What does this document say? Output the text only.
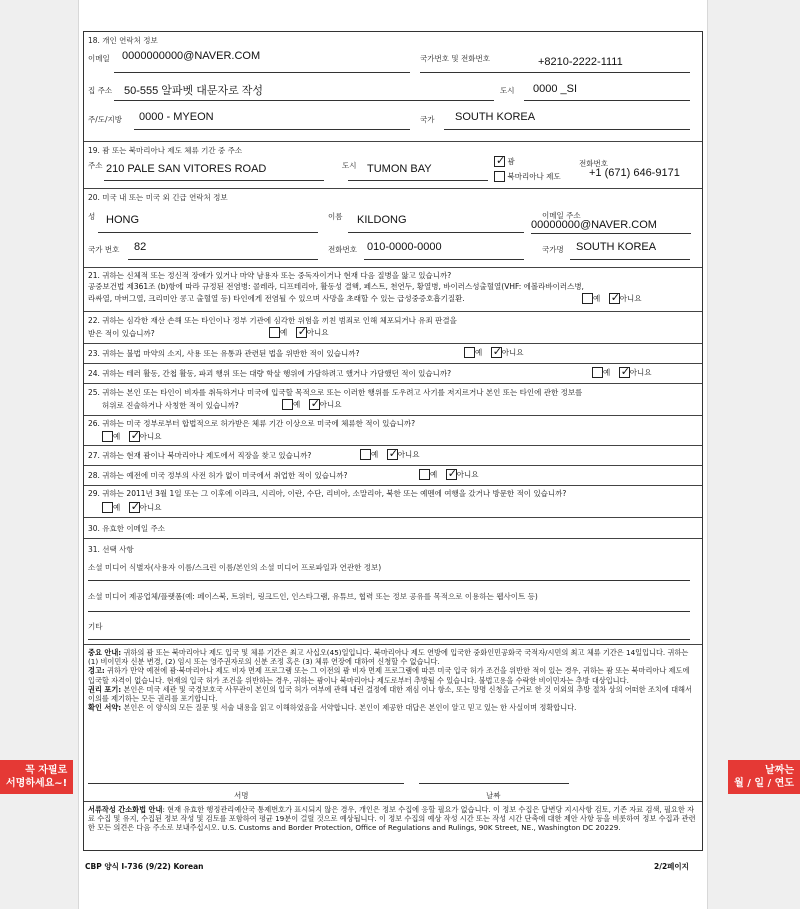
18. 개인 연락처 정보
이메일 0000000000@NAVER.COM	국가번호 및 전화번호	+8210-2222-1111
집 주소 50-555 알파벳 대문자로 작성	도시 0000 _SI
주/도/지방 0000 - MYEON	국가 SOUTH KOREA
19. 괌 또는 북마리아나 제도 체류 기간 중 주소
주소 210 PALE SAN VITORES ROAD	도시 TUMON BAY
✓ 괌
북마리아나 제도
전화번호
+1 (671) 646-9171
20. 미국 내 또는 미국 외 긴급 연락처 정보
성 HONG	이름 KILDONG	이메일 주소
00000000@NAVER.COM
국가 번호 82	전화번호 010-0000-0000	국가명 SOUTH KOREA
21. 귀하는 신체적 또는 정신적 장애가 있거나 마약 남용자 또는 중독자이거나 현재 다음 질병을 앓고 있습니까?
공중보건법 제361조 (b)항에 따라 규정된 전염병: 콜레라, 디프테리아, 활동성 결핵, 페스트, 천연두, 황열병, 바이러스성출혈열(VHF: 에볼라바이러스병,
라싸열, 마버그열, 크리미안 콩고 출혈열 등) 타인에게 전염될 수 있으며 사망을 초래할 수 있는 급성중증호흡기질환.	예 ✓	아니요
22. 귀하는 심각한 재산 손해 또는 타인이나 정부 기관에 심각한 위험을 끼친 범죄로 인해 체포되거나 유죄 판결을
받은 적이 있습니까?	예 ✓	아니요
23. 귀하는 불법 마약의 소지, 사용 또는 유통과 관련된 법을 위반한 적이 있습니까?	예 ✓	아니요
24. 귀하는 테러 활동, 간첩 활동, 파괴 행위 또는 대량 학살 행위에 가담하려고 했거나 가담했던 적이 있습니까?	예 ✓	아니요
25. 귀하는 본인 또는 타인이 비자를 취득하거나 미국에 입국할 목적으로 또는 이러한 행위를 도우려고 사기를 저지르거나 본인 또는 타인에 관한 정보를
허위로 진술하거나 사칭한 적이 있습니까?	예 ✓	아니요
26. 귀하는 미국 정부로부터 합법적으로 허가받은 체류 기간 이상으로 미국에 체류한 적이 있습니까?
예 ✓	아니요
27. 귀하는 현재 괌이나 북마리아나 제도에서 직장을 찾고 있습니까?	예 ✓	아니요
28. 귀하는 예전에 미국 정부의 사전 허가 없이 미국에서 취업한 적이 있습니까?	예 ✓	아니요
29. 귀하는 2011년 3월 1일 또는 그 이후에 이라크, 시리아, 이란, 수단, 리비아, 소말리아, 북한 또는 예멘에 여행을 갔거나 방문한 적이 있습니까?
예 ✓	아니요
30. 유효한 이메일 주소
31. 선택 사항
소셜 미디어 식별자(사용자 이름/스크린 이름/본인의 소셜 미디어 프로파일과 연관한 정보)
소셜 미디어 제공업체/플랫폼(예: 페이스북, 트위터, 링크드인, 인스타그램, 유튜브, 협력 또는 정보 공유를 목적으로 이용하는 웹사이트 등)
기타

중요 안내: 귀하의 괌 또는 북마리아나 제도 입국 및 체류 기간은 최고 사십오(45)일입니다. 북마리아나 제도 연방에 입국한 중화인민공화국 국적자/시민의 최고 체류 기간은 14일입니다. 귀하는 (1) 비이민자 신분 변경, (2) 임시 또는 영주권자로의 신분 조정 혹은 (3) 체류 연장에 대하여 신청할 수 없습니다.

경고: 귀하가 만약 예전에 괌·북마리아나 제도 비자 면제 프로그램 또는 그 이전의 괌 비자 면제 프로그램에 따른 미국 입국 허가 조건을 위반한 적이 있는 경우, 귀하는 괌 또는 북마리아나 제도에 입국할 자격이 없습니다. 현재의 입국 허가 조건을 위반하는 경우, 귀하는 괌이나 북마리아나 제도로부터 추방될 수 있습니다. 불법고용을 수락한 비이민자는 추방 대상입니다.

권리 포기: 본인은 미국 세관 및 국경보호국 사무관이 본인의 입국 허가 여부에 관해 내린 결정에 대한 재심 이나 항소, 또는 망명 신청을 근거로 한 것 이외의 추방 절차 상의 어떠한 조치에 대해서 이의를 제기하는 모든 권리를 포기합니다.

확인 서약: 본인은 이 양식의 모든 질문 및 서술 내용을 읽고 이해하였음을 서약합니다. 본인이 제공한 대답은 본인이 알고 믿고 있는 한 사실이며 정확합니다.

서명	날짜
서류작성 간소화법 안내: 현재 유효한 행정관리예산국 통제번호가 표시되지 않은 경우, 개인은 정보 수집에 응할 필요가 없습니다. 이 정보 수집은 답변당 지시사항 검토, 기존 자료 검색, 필요한 자료 수집 및 유지, 수집된 정보 작성 및 검토를 포함하여 평균 19분이 걸릴 것으로 예상됩니다. 이 정보 수집의 예상 작성 시간 또는 작성 시간 단축에 대한 제안 사항 등을 비롯하여 정보 수집과 관련한 모든 의견은 다음 주소로 보내주십시오. U.S. Customs and Border Protection, Office of Regulations and Rulings, 90K Street, NE., Washington DC 20229.
CBP 양식 I-736 (9/22) Korean	2/2페이지
꼭 자필로
서명하세요~!
날짜는
월 / 일 / 연도
